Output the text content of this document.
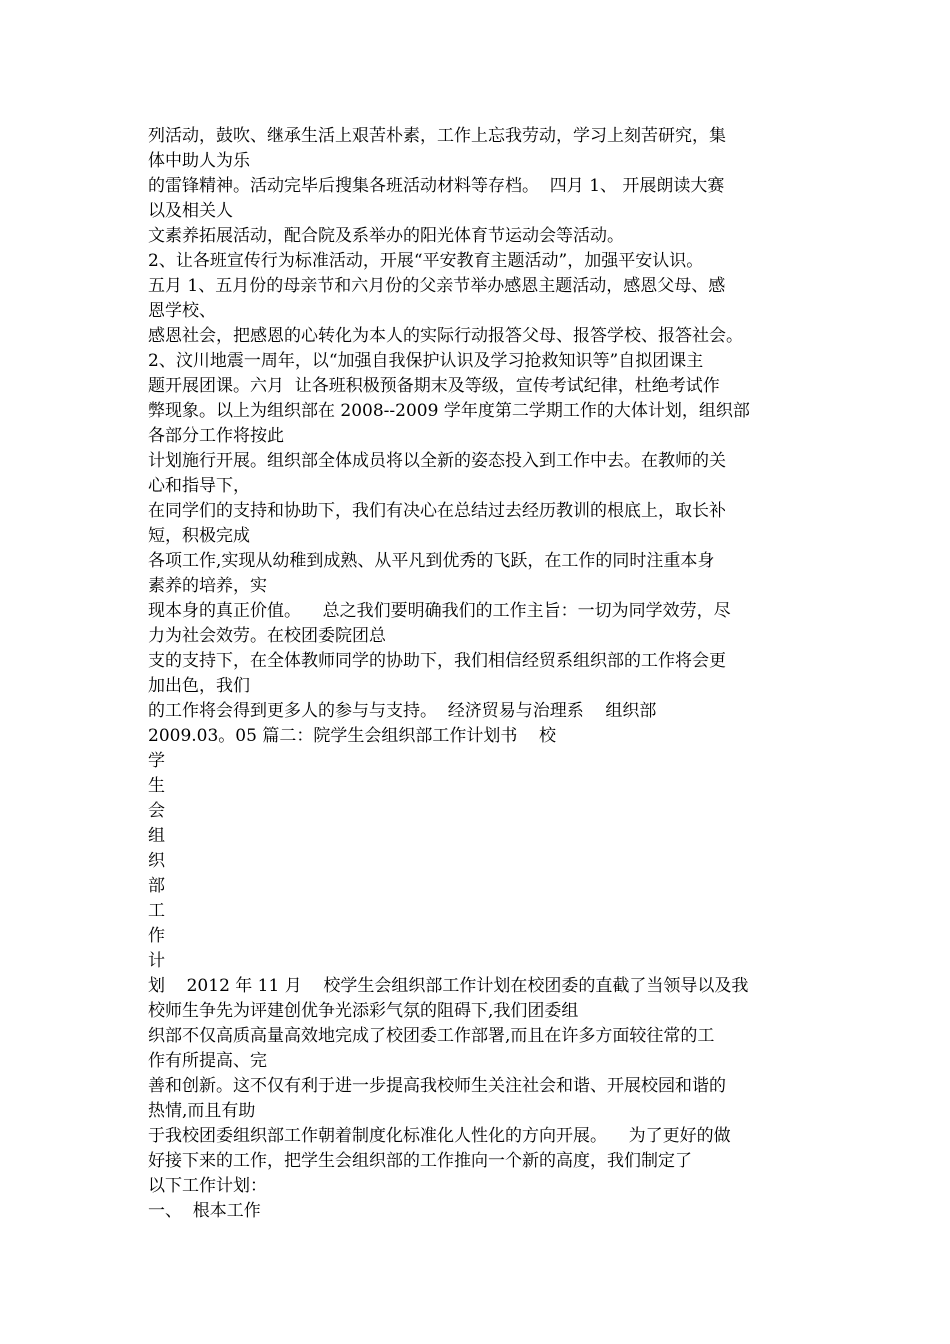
列活动，鼓吹、继承生活上艰苦朴素，工作上忘我劳动，学习上刻苦研究，集
体中助人为乐
的雷锋精神。活动完毕后搜集各班活动材料等存档。  四月 1、 开展朗读大赛
以及相关人
文素养拓展活动，配合院及系举办的阳光体育节运动会等活动。
2、让各班宣传行为标准活动，开展“平安教育主题活动”，加强平安认识。
五月 1、五月份的母亲节和六月份的父亲节举办感恩主题活动，感恩父母、感
恩学校、
感恩社会，把感恩的心转化为本人的实际行动报答父母、报答学校、报答社会。
2、汶川地震一周年，以“加强自我保护认识及学习抢救知识等”自拟团课主
题开展团课。六月  让各班积极预备期末及等级，宣传考试纪律，杜绝考试作
弊现象。以上为组织部在 2008--2009 学年度第二学期工作的大体计划，组织部
各部分工作将按此
计划施行开展。组织部全体成员将以全新的姿态投入到工作中去。在教师的关
心和指导下，
在同学们的支持和协助下，我们有决心在总结过去经历教训的根底上，取长补
短，积极完成
各项工作,实现从幼稚到成熟、从平凡到优秀的飞跃，在工作的同时注重本身
素养的培养，实
现本身的真正价值。    总之我们要明确我们的工作主旨：一切为同学效劳，尽
力为社会效劳。在校团委院团总
支的支持下，在全体教师同学的协助下，我们相信经贸系组织部的工作将会更
加出色，我们
的工作将会得到更多人的参与与支持。  经济贸易与治理系    组织部
2009.03。05 篇二：院学生会组织部工作计划书    校
学
生
会
组
织
部
工
作
计
划    2012 年 11 月    校学生会组织部工作计划在校团委的直截了当领导以及我
校师生争先为评建创优争光添彩气氛的阻碍下,我们团委组
织部不仅高质高量高效地完成了校团委工作部署,而且在许多方面较往常的工
作有所提高、完
善和创新。这不仅有利于进一步提高我校师生关注社会和谐、开展校园和谐的
热情,而且有助
于我校团委组织部工作朝着制度化标准化人性化的方向开展。    为了更好的做
好接下来的工作，把学生会组织部的工作推向一个新的高度，我们制定了
以下工作计划：
一、  根本工作
